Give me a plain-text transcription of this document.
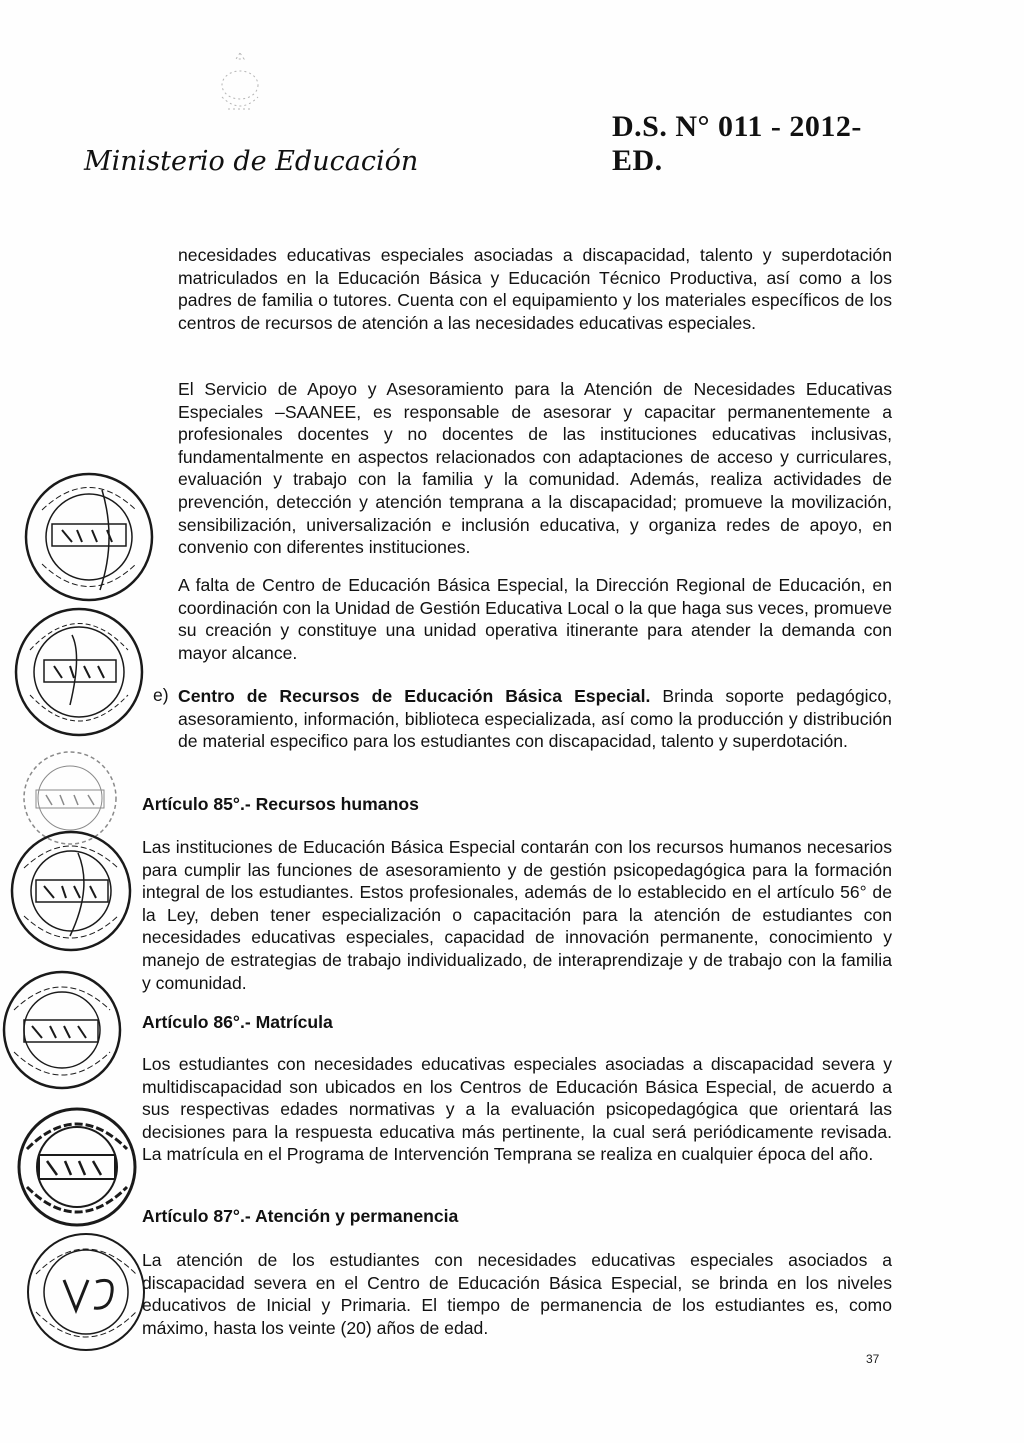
D.S. N° 011 - 2012- ED.
Ministerio de Educación

necesidades educativas especiales asociadas a discapacidad, talento y superdotación matriculados en la Educación Básica y Educación Técnico Productiva, así como a los padres de familia o tutores. Cuenta con el equipamiento y los materiales específicos de los centros de recursos de atención a las necesidades educativas especiales.

El Servicio de Apoyo y Asesoramiento para la Atención de Necesidades Educativas Especiales –SAANEE, es responsable de asesorar y capacitar permanentemente a profesionales docentes y no docentes de las instituciones educativas inclusivas, fundamentalmente en aspectos relacionados con adaptaciones de acceso y curriculares, evaluación y trabajo con la familia y la comunidad. Además, realiza actividades de prevención, detección y atención temprana a la discapacidad; promueve la movilización, sensibilización, universalización e inclusión educativa, y organiza redes de apoyo, en convenio con diferentes instituciones.

A falta de Centro de Educación Básica Especial, la Dirección Regional de Educación, en coordinación con la Unidad de Gestión Educativa Local o la que haga sus veces, promueve su creación y constituye una unidad operativa itinerante para atender la demanda con mayor alcance.

e) Centro de Recursos de Educación Básica Especial. Brinda soporte pedagógico, asesoramiento, información, biblioteca especializada, así como la producción y distribución de material especifico para los estudiantes con discapacidad, talento y superdotación.

Artículo 85°.- Recursos humanos

Las instituciones de Educación Básica Especial contarán con los recursos humanos necesarios para cumplir las funciones de asesoramiento y de gestión psicopedagógica para la formación integral de los estudiantes. Estos profesionales, además de lo establecido en el artículo 56° de la Ley, deben tener especialización o capacitación para la atención de estudiantes con necesidades educativas especiales, capacidad de innovación permanente, conocimiento y manejo de estrategias de trabajo individualizado, de interaprendizaje y de trabajo con la familia y comunidad.

Artículo 86°.- Matrícula

Los estudiantes con necesidades educativas especiales asociadas a discapacidad severa y multidiscapacidad son ubicados en los Centros de Educación Básica Especial, de acuerdo a sus respectivas edades normativas y a la evaluación psicopedagógica que orientará las decisiones para la respuesta educativa más pertinente, la cual será periódicamente revisada. La matrícula en el Programa de Intervención Temprana se realiza en cualquier época del año.

Artículo 87°.- Atención y permanencia

La atención de los estudiantes con necesidades educativas especiales asociados a discapacidad severa en el Centro de Educación Básica Especial, se brinda en los niveles educativos de Inicial y Primaria. El tiempo de permanencia de los estudiantes es, como máximo, hasta los veinte (20) años de edad.

37
